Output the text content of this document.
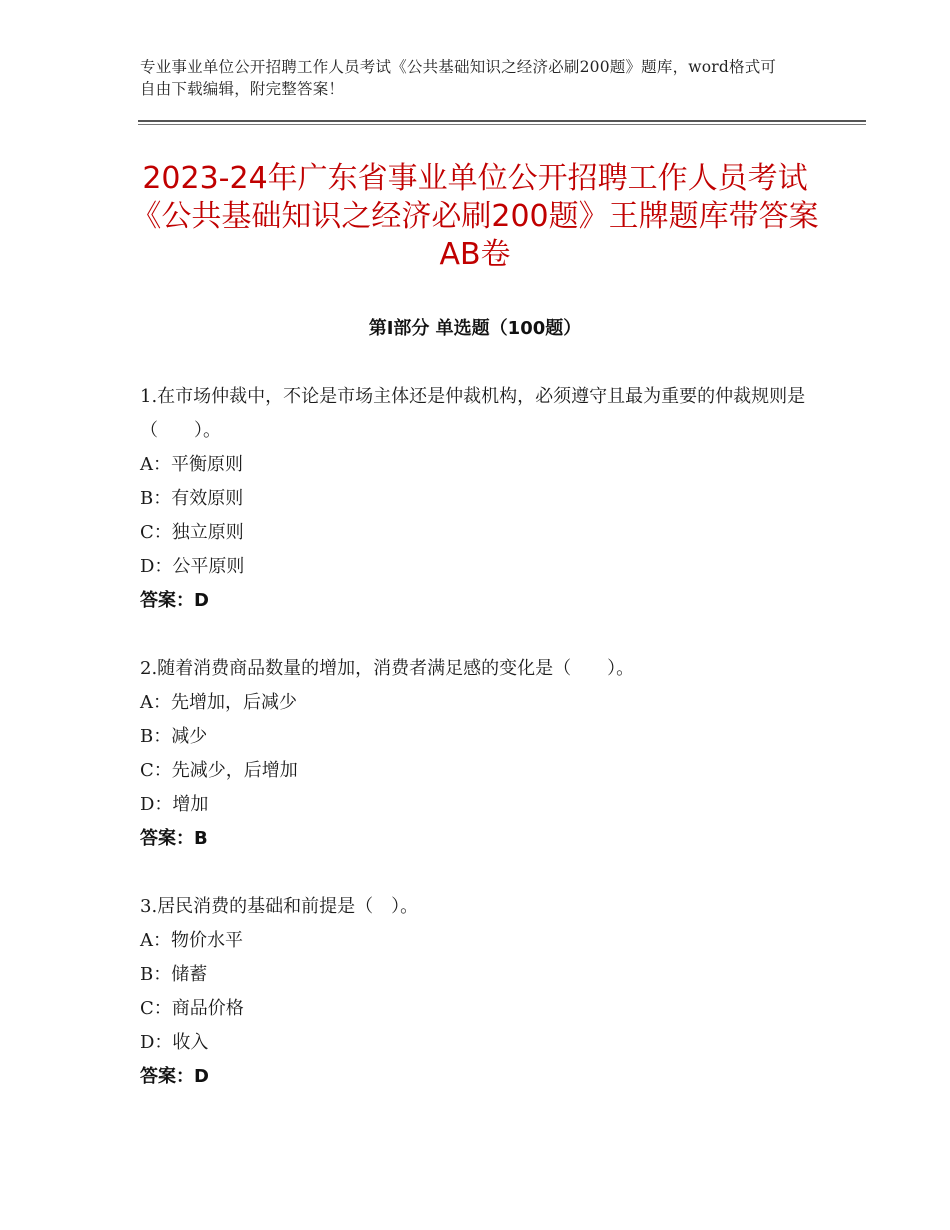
专业事业单位公开招聘工作人员考试《公共基础知识之经济必刷200题》题库，word格式可自由下载编辑，附完整答案！
2023-24年广东省事业单位公开招聘工作人员考试《公共基础知识之经济必刷200题》王牌题库带答案AB卷
第Ⅰ部分 单选题（100题）
1.在市场仲裁中，不论是市场主体还是仲裁机构，必须遵守且最为重要的仲裁规则是（　　）。
A：平衡原则
B：有效原则
C：独立原则
D：公平原则
答案：D
2.随着消费商品数量的增加，消费者满足感的变化是（　　）。
A：先增加，后减少
B：减少
C：先减少，后增加
D：增加
答案：B
3.居民消费的基础和前提是（　）。
A：物价水平
B：储蓄
C：商品价格
D：收入
答案：D
